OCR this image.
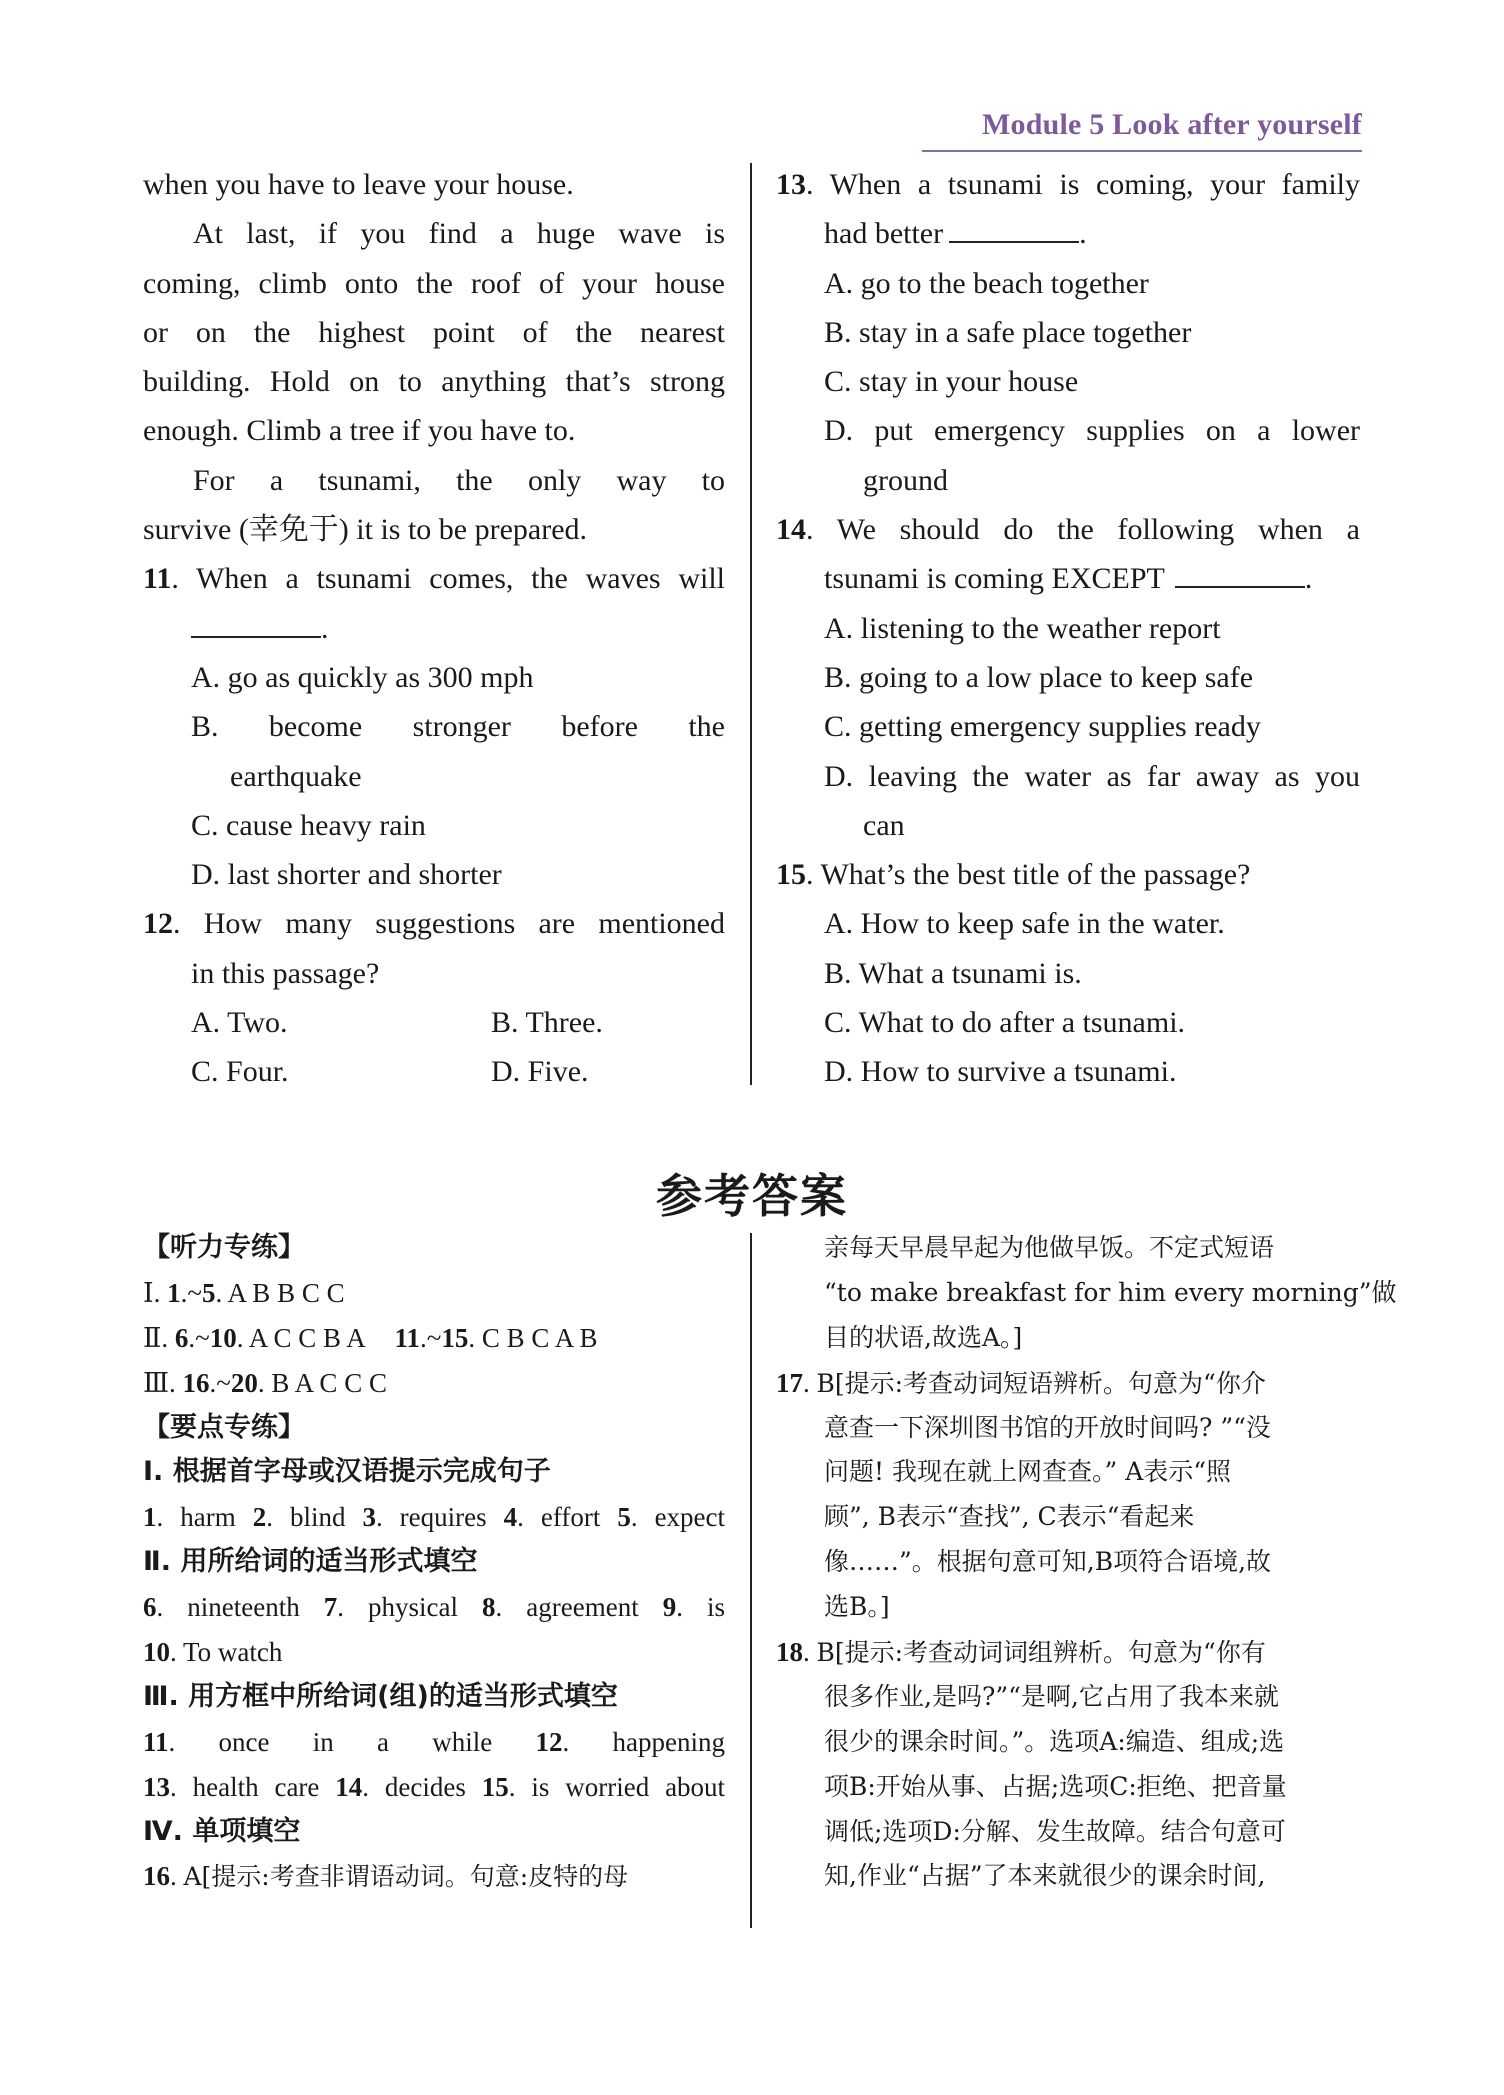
Module 5 Look after yourself
when you have to leave your house.
At last, if you find a huge wave is
coming, climb onto the roof of your house
or on the highest point of the nearest
building. Hold on to anything that’s strong
enough. Climb a tree if you have to.
For a tsunami, the only way to
survive (幸免于) it is to be prepared.
11. When a tsunami comes, the waves will
.
A. go as quickly as 300 mph
B. become stronger before the
earthquake
C. cause heavy rain
D. last shorter and shorter
12. How many suggestions are mentioned
in this passage?
A. Two.	B. Three.
C. Four.	D. Five.
13. When a tsunami is coming, your family
had better	.
A. go to the beach together
B. stay in a safe place together
C. stay in your house
D. put emergency supplies on a lower
ground
14. We should do the following when a
tsunami is coming EXCEPT	.
A. listening to the weather report
B. going to a low place to keep safe
C. getting emergency supplies ready
D. leaving the water as far away as you
can
15. What’s the best title of the passage?
A. How to keep safe in the water.
B. What a tsunami is.
C. What to do after a tsunami.
D. How to survive a tsunami.
参考答案
【听力专练】
Ⅰ. 1.~5. A B B C C
Ⅱ. 6.~10. A C C B A 11.~15. C B C A B
Ⅲ. 16.~20. B A C C C
【要点专练】
Ⅰ. 根据首字母或汉语提示完成句子
1. harm 2. blind 3. requires 4. effort 5. expect
Ⅱ. 用所给词的适当形式填空
6. nineteenth 7. physical 8. agreement 9. is
10. To watch
Ⅲ. 用方框中所给词(组)的适当形式填空
11. once in a while 12. happening
13. health care 14. decides 15. is worried about
Ⅳ. 单项填空
16. A[提示:考查非谓语动词。句意:皮特的母
亲每天早晨早起为他做早饭。不定式短语
“to make breakfast for him every morning”做
目的状语,故选A。]
17. B[提示:考查动词短语辨析。句意为“你介
意查一下深圳图书馆的开放时间吗? ”“没
问题! 我现在就上网查查。” A表示“照
顾”, B表示“查找”, C表示“看起来
像……”。根据句意可知,B项符合语境,故
选B。]
18. B[提示:考查动词词组辨析。句意为“你有
很多作业,是吗?”“是啊,它占用了我本来就
很少的课余时间。”。选项A:编造、组成;选
项B:开始从事、占据;选项C:拒绝、把音量
调低;选项D:分解、发生故障。结合句意可
知,作业“占据”了本来就很少的课余时间,
